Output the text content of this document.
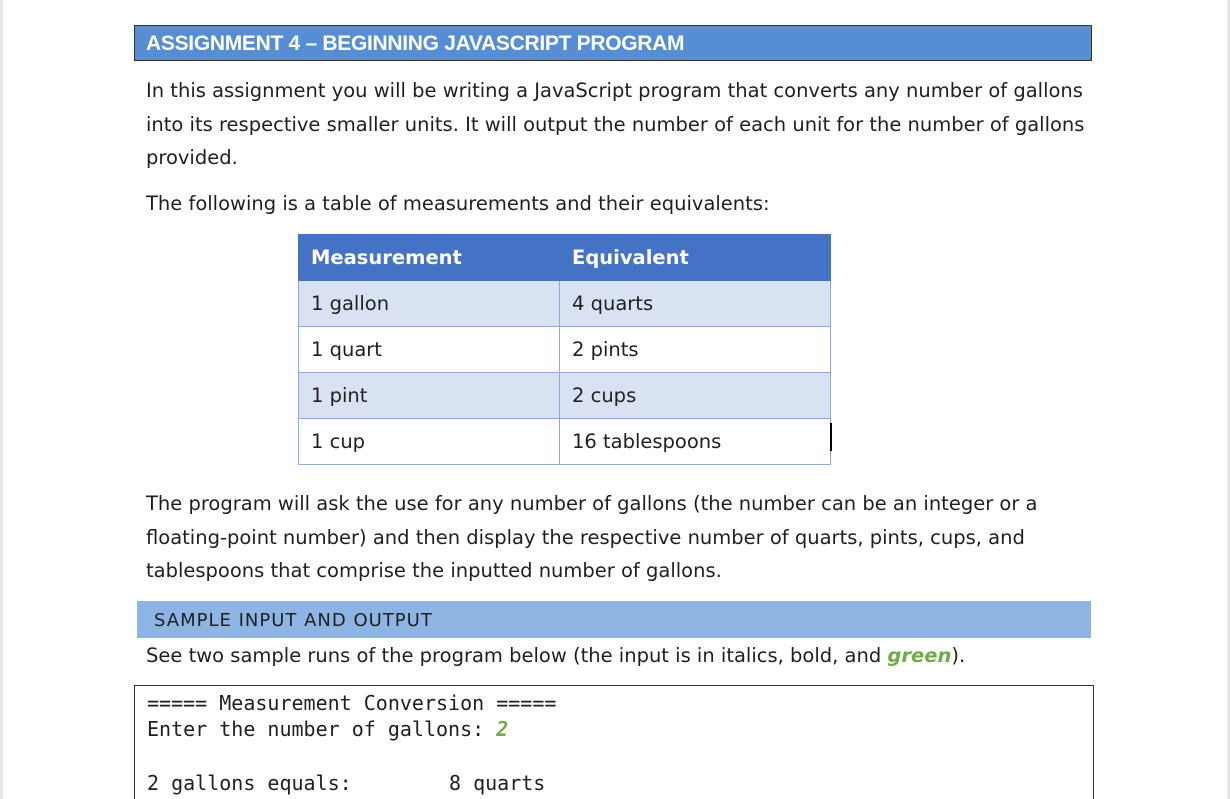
ASSIGNMENT 4 – BEGINNING JAVASCRIPT PROGRAM
In this assignment you will be writing a JavaScript program that converts any number of gallons into its respective smaller units. It will output the number of each unit for the number of gallons provided.
The following is a table of measurements and their equivalents:
Measurement	Equivalent
1 gallon	4 quarts
1 quart	2 pints
1 pint	2 cups
1 cup	16 tablespoons
The program will ask the use for any number of gallons (the number can be an integer or a floating-point number) and then display the respective number of quarts, pints, cups, and tablespoons that comprise the inputted number of gallons.
SAMPLE INPUT AND OUTPUT
See two sample runs of the program below (the input is in italics, bold, and green).
===== Measurement Conversion =====
Enter the number of gallons: 2
2 gallons equals:	8 quarts
